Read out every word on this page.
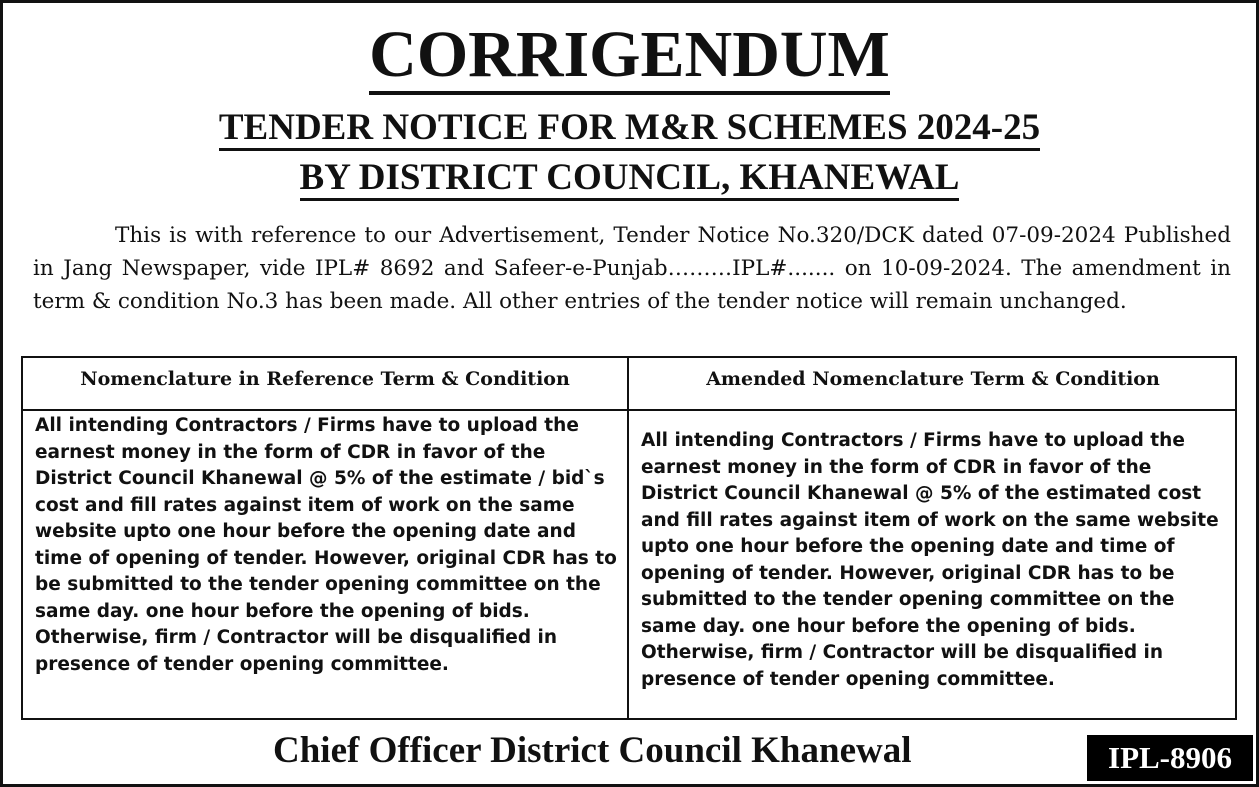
CORRIGENDUM
TENDER NOTICE FOR M&R SCHEMES 2024-25
BY DISTRICT COUNCIL, KHANEWAL
This is with reference to our Advertisement, Tender Notice No.320/DCK dated 07-09-2024 Published in Jang Newspaper, vide IPL# 8692 and Safeer-e-Punjab………IPL#....... on 10-09-2024. The amendment in term & condition No.3 has been made. All other entries of the tender notice will remain unchanged.
Nomenclature in Reference Term & Condition	Amended Nomenclature Term & Condition
All intending Contractors / Firms have to upload the earnest money in the form of CDR in favor of the District Council Khanewal @ 5% of the estimate / bid`s cost and fill rates against item of work on the same website upto one hour before the opening date and time of opening of tender. However, original CDR has to be submitted to the tender opening committee on the same day. one hour before the opening of bids. Otherwise, firm / Contractor will be disqualified in presence of tender opening committee.
All intending Contractors / Firms have to upload the earnest money in the form of CDR in favor of the District Council Khanewal @ 5% of the estimated cost and fill rates against item of work on the same website upto one hour before the opening date and time of opening of tender. However, original CDR has to be submitted to the tender opening committee on the same day. one hour before the opening of bids. Otherwise, firm / Contractor will be disqualified in presence of tender opening committee.
Chief Officer District Council Khanewal	IPL-8906
